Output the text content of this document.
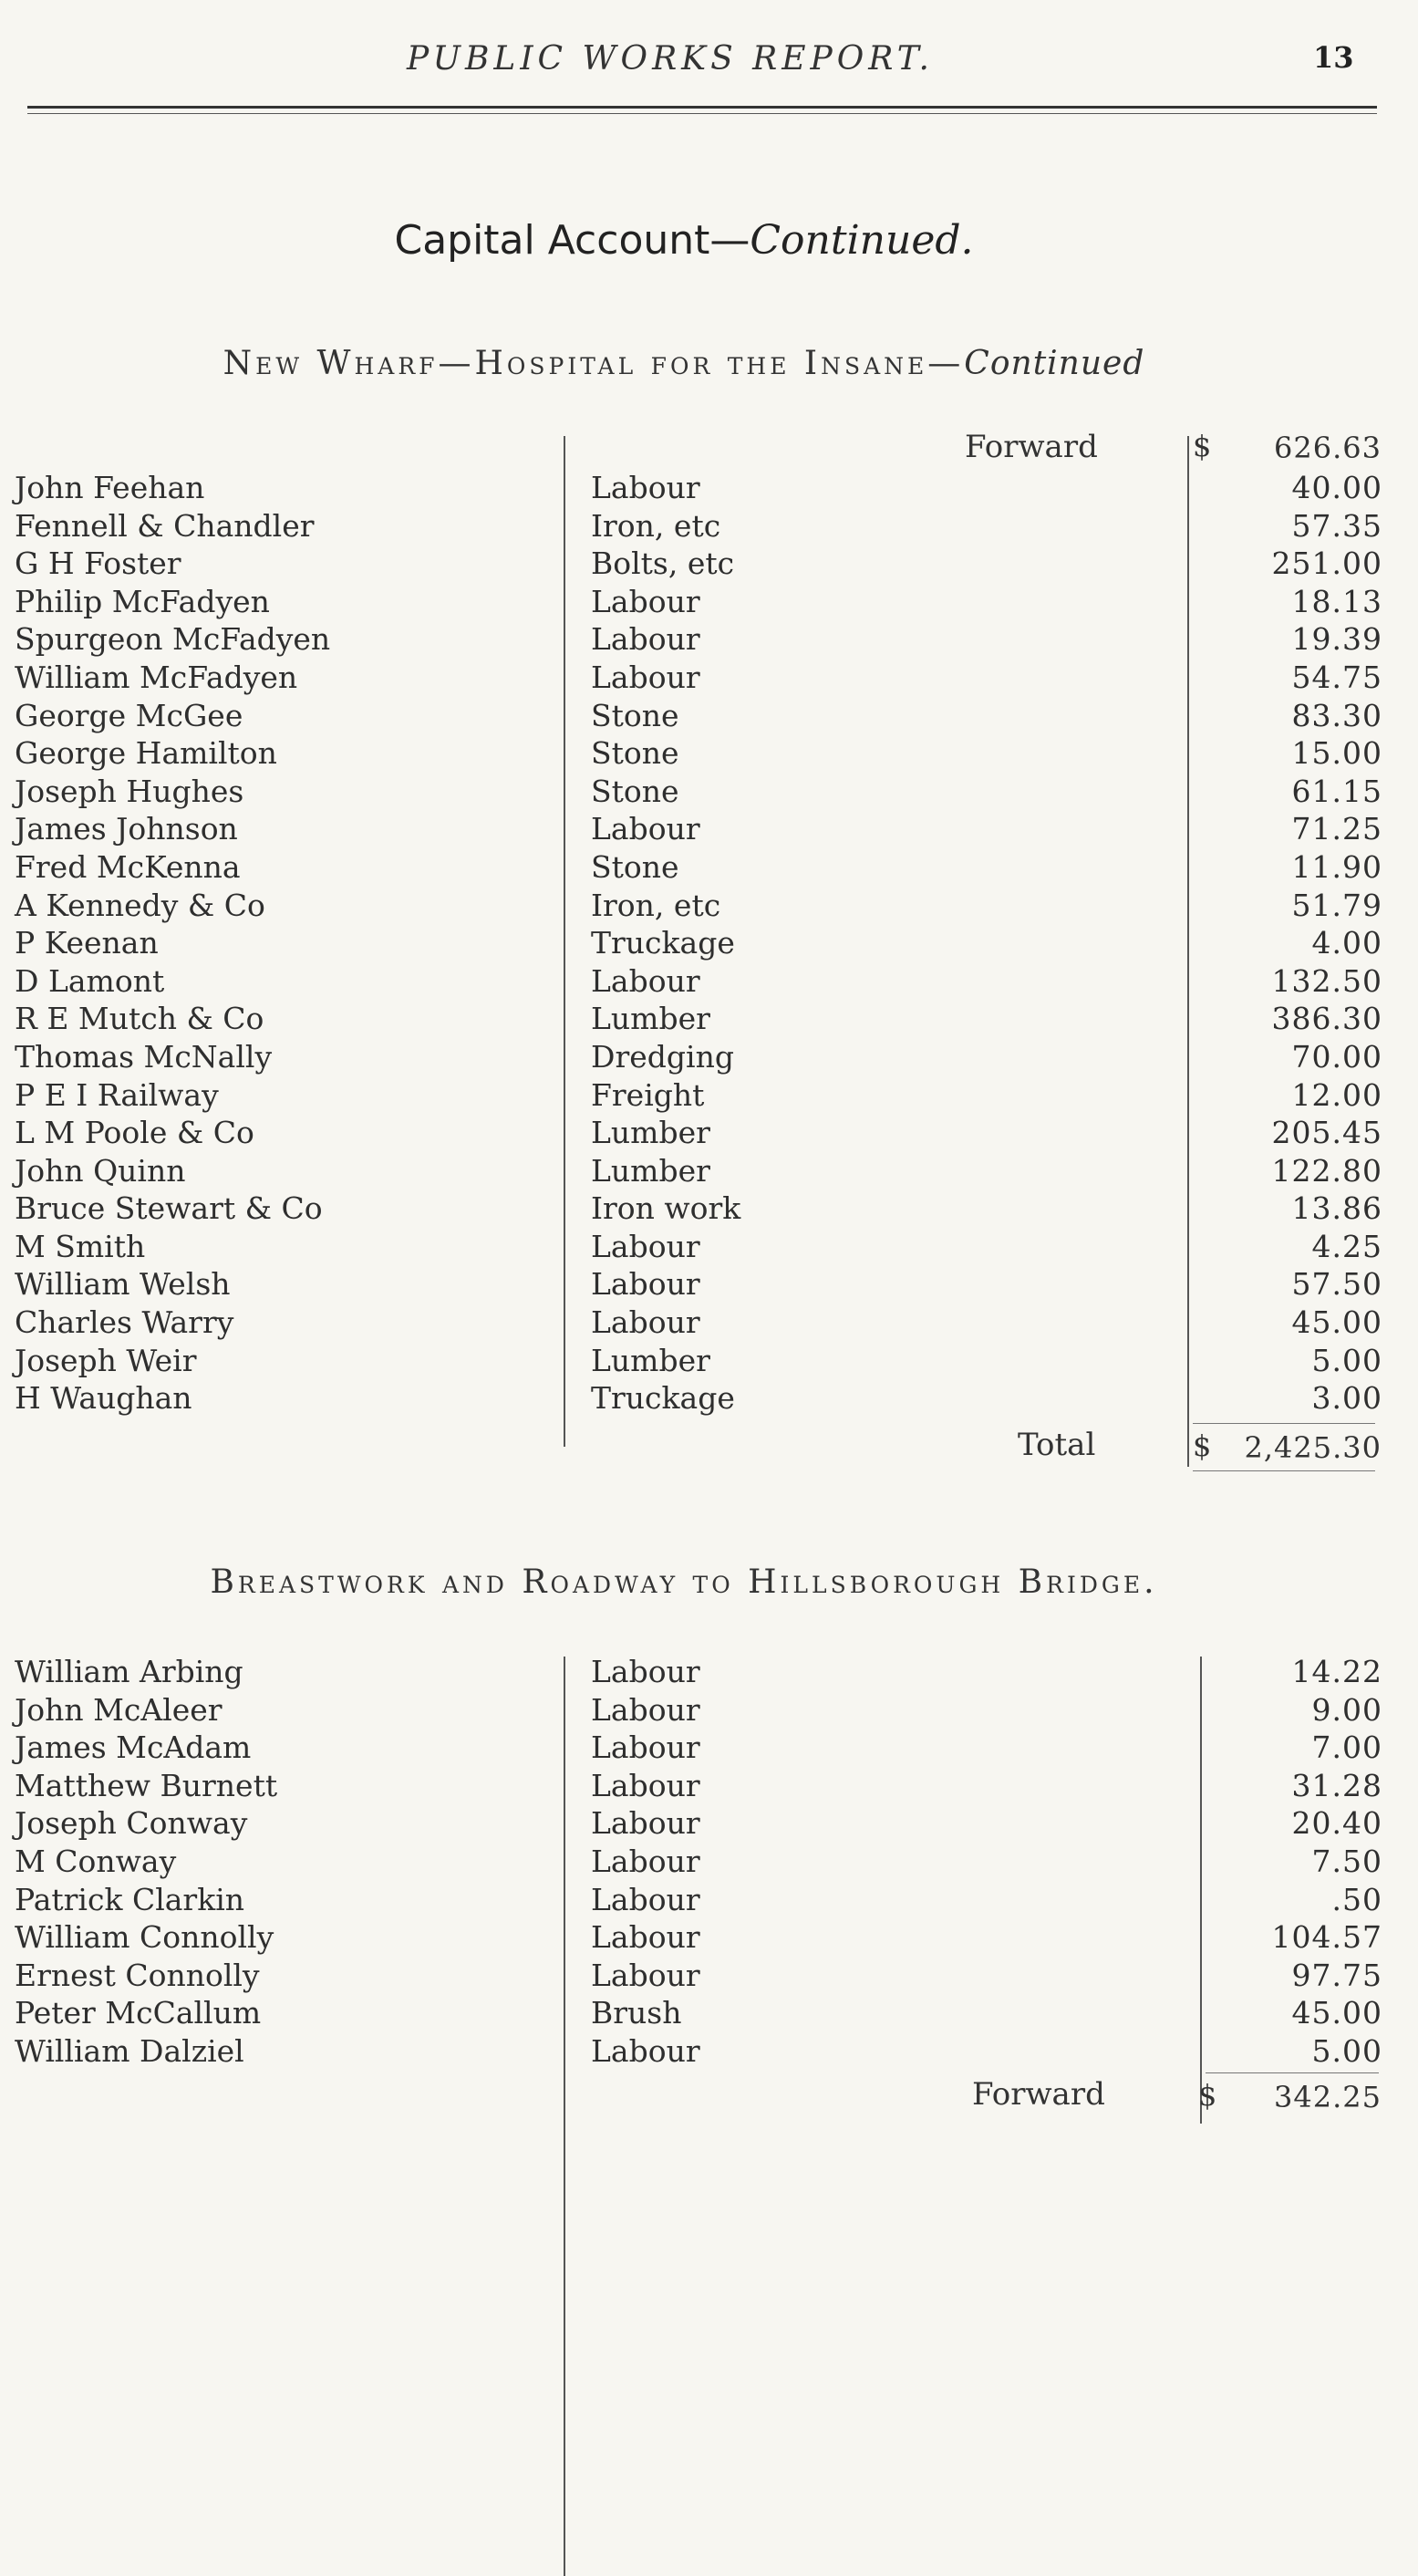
PUBLIC WORKS REPORT.	13
Capital Account—Continued.
New Wharf—Hospital for the Insane—Continued
Forward	$ 626.63
John Feehan	Labour	40.00
Fennell & Chandler	Iron, etc	57.35
G H Foster	Bolts, etc	251.00
Philip McFadyen	Labour	18.13
Spurgeon McFadyen	Labour	19.39
William McFadyen	Labour	54.75
George McGee	Stone	83.30
George Hamilton	Stone	15.00
Joseph Hughes	Stone	61.15
James Johnson	Labour	71.25
Fred McKenna	Stone	11.90
A Kennedy & Co	Iron, etc	51.79
P Keenan	Truckage	4.00
D Lamont	Labour	132.50
R E Mutch & Co	Lumber	386.30
Thomas McNally	Dredging	70.00
P E I Railway	Freight	12.00
L M Poole & Co	Lumber	205.45
John Quinn	Lumber	122.80
Bruce Stewart & Co	Iron work	13.86
M Smith	Labour	4.25
William Welsh	Labour	57.50
Charles Warry	Labour	45.00
Joseph Weir	Lumber	5.00
H Waughan	Truckage	3.00
Total	$ 2,425.30
Breastwork and Roadway to Hillsborough Bridge.
William Arbing	Labour	14.22
John McAleer	Labour	9.00
James McAdam	Labour	7.00
Matthew Burnett	Labour	31.28
Joseph Conway	Labour	20.40
M Conway	Labour	7.50
Patrick Clarkin	Labour	.50
William Connolly	Labour	104.57
Ernest Connolly	Labour	97.75
Peter McCallum	Brush	45.00
William Dalziel	Labour	5.00
Forward	$ 342.25
